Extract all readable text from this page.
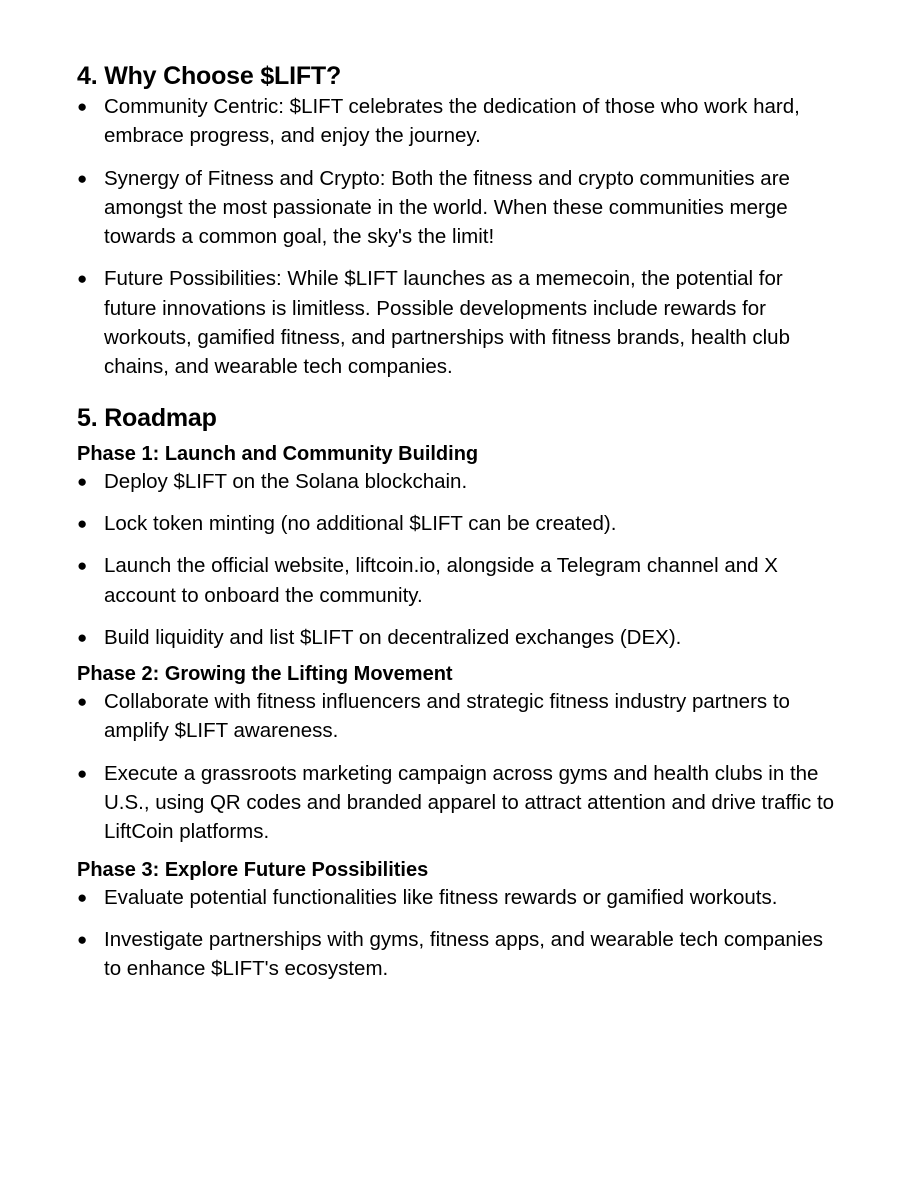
4. Why Choose $LIFT?
● Community Centric: $LIFT celebrates the dedication of those who work hard, embrace progress, and enjoy the journey.
● Synergy of Fitness and Crypto: Both the fitness and crypto communities are amongst the most passionate in the world. When these communities merge towards a common goal, the sky's the limit!
● Future Possibilities: While $LIFT launches as a memecoin, the potential for future innovations is limitless. Possible developments include rewards for workouts, gamified fitness, and partnerships with fitness brands, health club chains, and wearable tech companies.
5. Roadmap
Phase 1: Launch and Community Building
● Deploy $LIFT on the Solana blockchain.
● Lock token minting (no additional $LIFT can be created).
● Launch the official website, liftcoin.io, alongside a Telegram channel and X account to onboard the community.
● Build liquidity and list $LIFT on decentralized exchanges (DEX).
Phase 2: Growing the Lifting Movement
● Collaborate with fitness influencers and strategic fitness industry partners to amplify $LIFT awareness.
● Execute a grassroots marketing campaign across gyms and health clubs in the U.S., using QR codes and branded apparel to attract attention and drive traffic to LiftCoin platforms.
Phase 3: Explore Future Possibilities
● Evaluate potential functionalities like fitness rewards or gamified workouts.
● Investigate partnerships with gyms, fitness apps, and wearable tech companies to enhance $LIFT's ecosystem.
